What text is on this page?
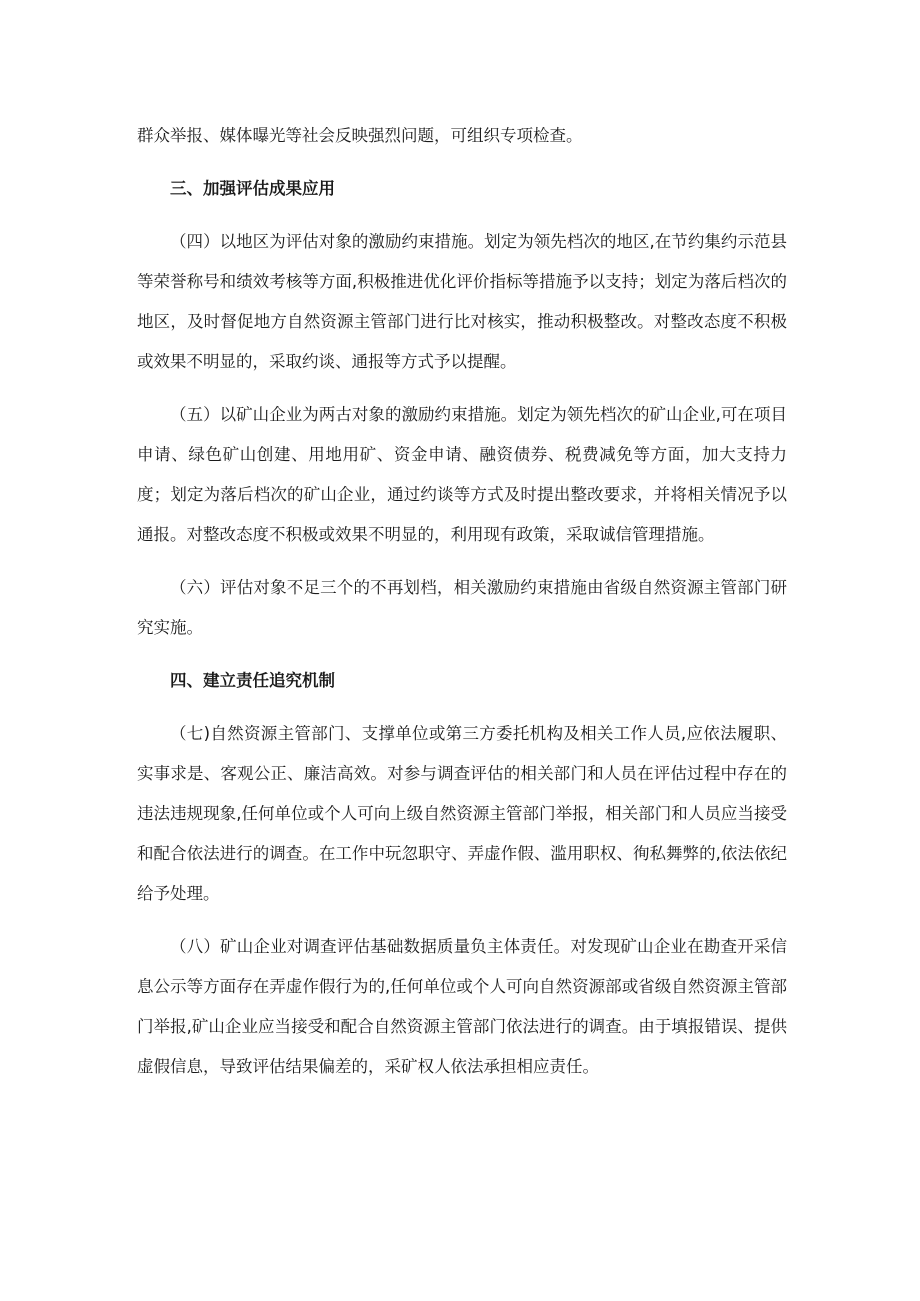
群众举报、媒体曝光等社会反映强烈问题，可组织专项检查。

三、加强评估成果应用

（四）以地区为评估对象的激励约束措施。划定为领先档次的地区,在节约集约示范县等荣誉称号和绩效考核等方面,积极推进优化评价指标等措施予以支持；划定为落后档次的地区，及时督促地方自然资源主管部门进行比对核实，推动积极整改。对整改态度不积极或效果不明显的，采取约谈、通报等方式予以提醒。

（五）以矿山企业为两古对象的激励约束措施。划定为领先档次的矿山企业,可在项目申请、绿色矿山创建、用地用矿、资金申请、融资债券、税费减免等方面，加大支持力度；划定为落后档次的矿山企业，通过约谈等方式及时提出整改要求，并将相关情况予以通报。对整改态度不积极或效果不明显的，利用现有政策，采取诚信管理措施。

（六）评估对象不足三个的不再划档，相关激励约束措施由省级自然资源主管部门研究实施。

四、建立责任追究机制

（七)自然资源主管部门、支撑单位或第三方委托机构及相关工作人员,应依法履职、实事求是、客观公正、廉洁高效。对参与调查评估的相关部门和人员在评估过程中存在的违法违规现象,任何单位或个人可向上级自然资源主管部门举报，相关部门和人员应当接受和配合依法进行的调查。在工作中玩忽职守、弄虚作假、滥用职权、徇私舞弊的,依法依纪给予处理。

（八）矿山企业对调查评估基础数据质量负主体责任。对发现矿山企业在勘查开采信息公示等方面存在弄虚作假行为的,任何单位或个人可向自然资源部或省级自然资源主管部门举报,矿山企业应当接受和配合自然资源主管部门依法进行的调查。由于填报错误、提供虚假信息，导致评估结果偏差的，采矿权人依法承担相应责任。
